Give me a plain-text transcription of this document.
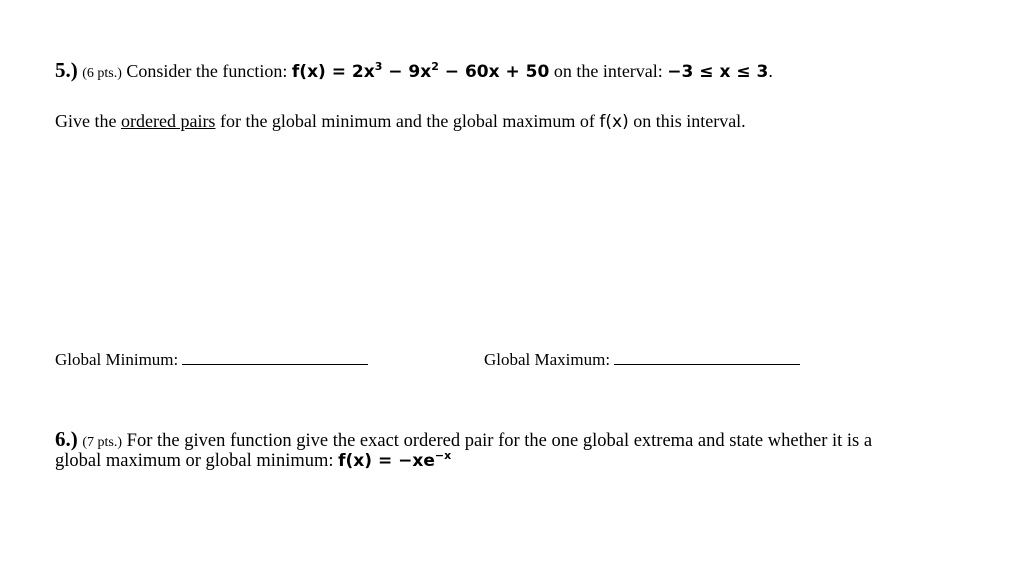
5.) (6 pts.) Consider the function: $f(x) = 2x^3 - 9x^2 - 60x + 50$ on the interval: −3 ≤ x ≤ 3.
Give the ordered pairs for the global minimum and the global maximum of f(x) on this interval.
Global Minimum:	Global Maximum:
6.) (7 pts.) For the given function give the exact ordered pair for the one global extrema and state whether it is a
global maximum or global minimum: $f(x) = -xe^{-x}$
